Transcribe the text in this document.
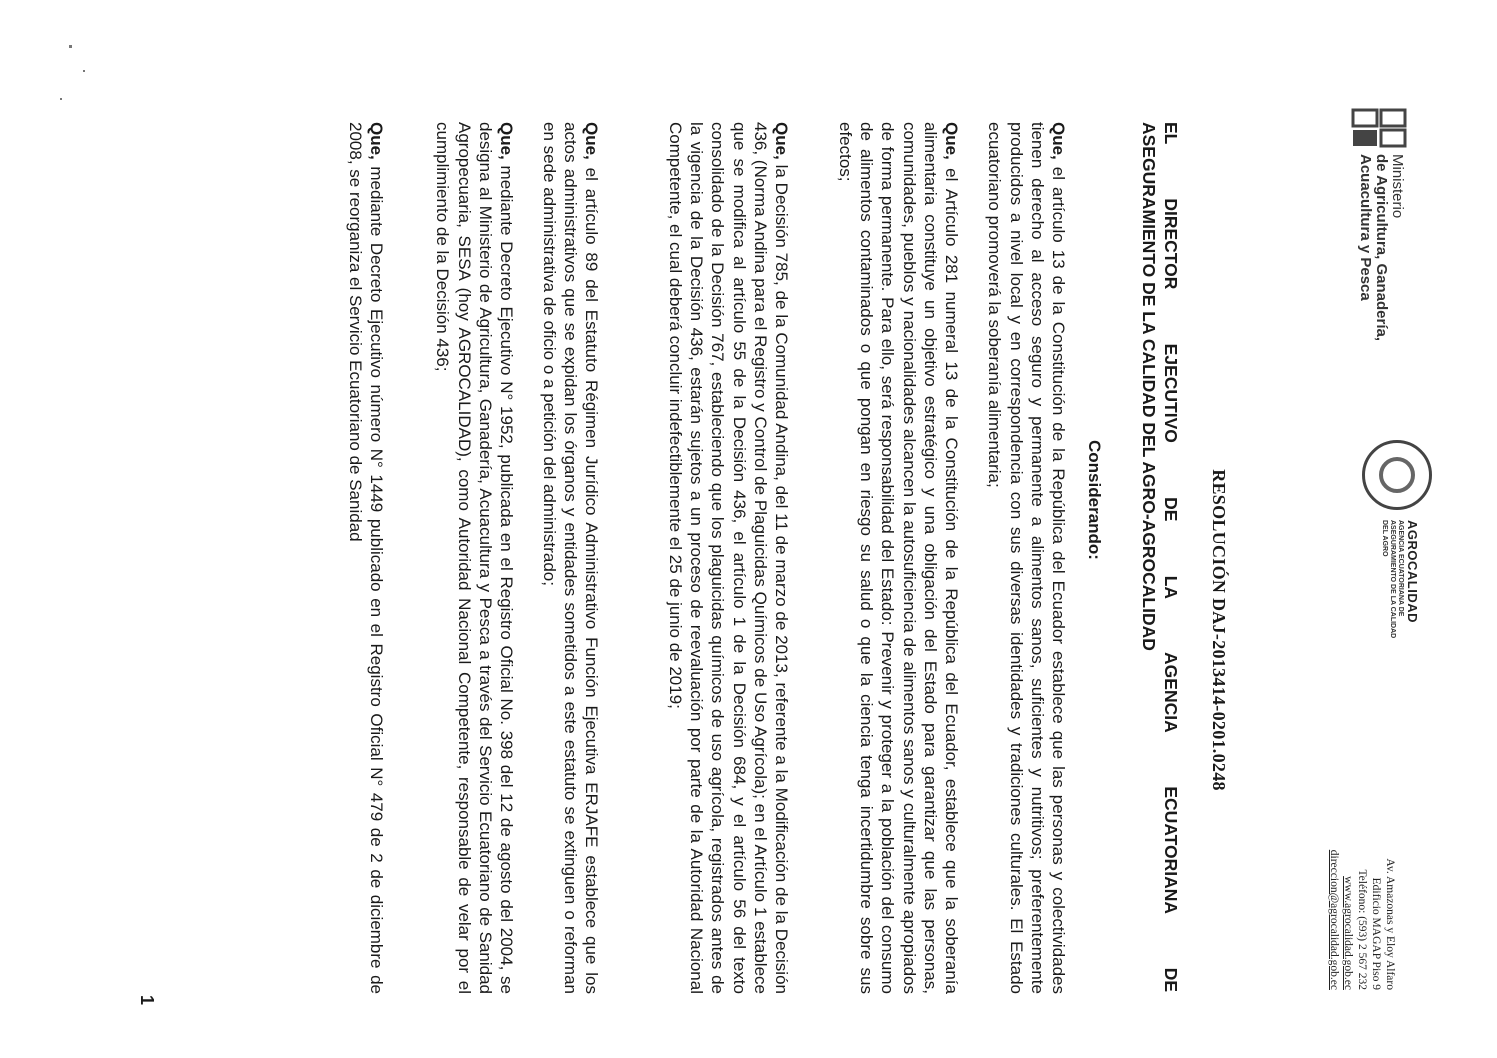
Ministerio
de Agricultura, Ganadería,
Acuacultura y Pesca
AGROCALIDAD
AGENCIA ECUATORIANA DE ASEGURAMIENTO DE LA CALIDAD DEL AGRO
Av. Amazonas y Eloy Alfaro
Edificio MAGAP Piso 9
Teléfono: (593) 2 567 232
www.agrocalidad.gob.ec
direccion@agrocalidad.gob.ec
RESOLUCIÓN DAJ-2013414-0201.0248
EL DIRECTOR EJECUTIVO DE LA AGENCIA ECUATORIANA DE
ASEGURAMIENTO DE LA CALIDAD DEL AGRO-AGROCALIDAD
Considerando:
Que, el artículo 13 de la Constitución de la República del Ecuador establece que las personas y colectividades tienen derecho al acceso seguro y permanente a alimentos sanos, suficientes y nutritivos; preferentemente producidos a nivel local y en correspondencia con sus diversas identidades y tradiciones culturales. El Estado ecuatoriano promoverá la soberanía alimentaria;
Que, el Artículo 281 numeral 13 de la Constitución de la República del Ecuador, establece que la soberanía alimentaria constituye un objetivo estratégico y una obligación del Estado para garantizar que las personas, comunidades, pueblos y nacionalidades alcancen la autosuficiencia de alimentos sanos y culturalmente apropiados de forma permanente. Para ello, será responsabilidad del Estado: Prevenir y proteger a la población del consumo de alimentos contaminados o que pongan en riesgo su salud o que la ciencia tenga incertidumbre sobre sus efectos;
Que, la Decisión 785, de la Comunidad Andina, del 11 de marzo de 2013, referente a la Modificación de la Decisión 436, (Norma Andina para el Registro y Control de Plaguicidas Químicos de Uso Agrícola); en el Artículo 1 establece que se modifica al artículo 55 de la Decisión 436, el artículo 1 de la Decisión 684, y el artículo 56 del texto consolidado de la Decisión 767, estableciendo que los plaguicidas químicos de uso agrícola, registrados antes de la vigencia de la Decisión 436, estarán sujetos a un proceso de reevaluación por parte de la Autoridad Nacional Competente, el cual deberá concluir indefectiblemente el 25 de junio de 2019;
Que, el artículo 89 del Estatuto Régimen Jurídico Administrativo Función Ejecutiva ERJAFE establece que los actos administrativos que se expidan los órganos y entidades sometidos a este estatuto se extinguen o reforman en sede administrativa de oficio o a petición del administrado;
Que, mediante Decreto Ejecutivo N° 1952, publicada en el Registro Oficial No. 398 del 12 de agosto del 2004, se designa al Ministerio de Agricultura, Ganadería, Acuacultura y Pesca a través del Servicio Ecuatoriano de Sanidad Agropecuaria, SESA (hoy AGROCALIDAD), como Autoridad Nacional Competente, responsable de velar por el cumplimiento de la Decisión 436;
Que, mediante Decreto Ejecutivo número N° 1449 publicado en el Registro Oficial N° 479 de 2 de diciembre de 2008, se reorganiza el Servicio Ecuatoriano de Sanidad
1
